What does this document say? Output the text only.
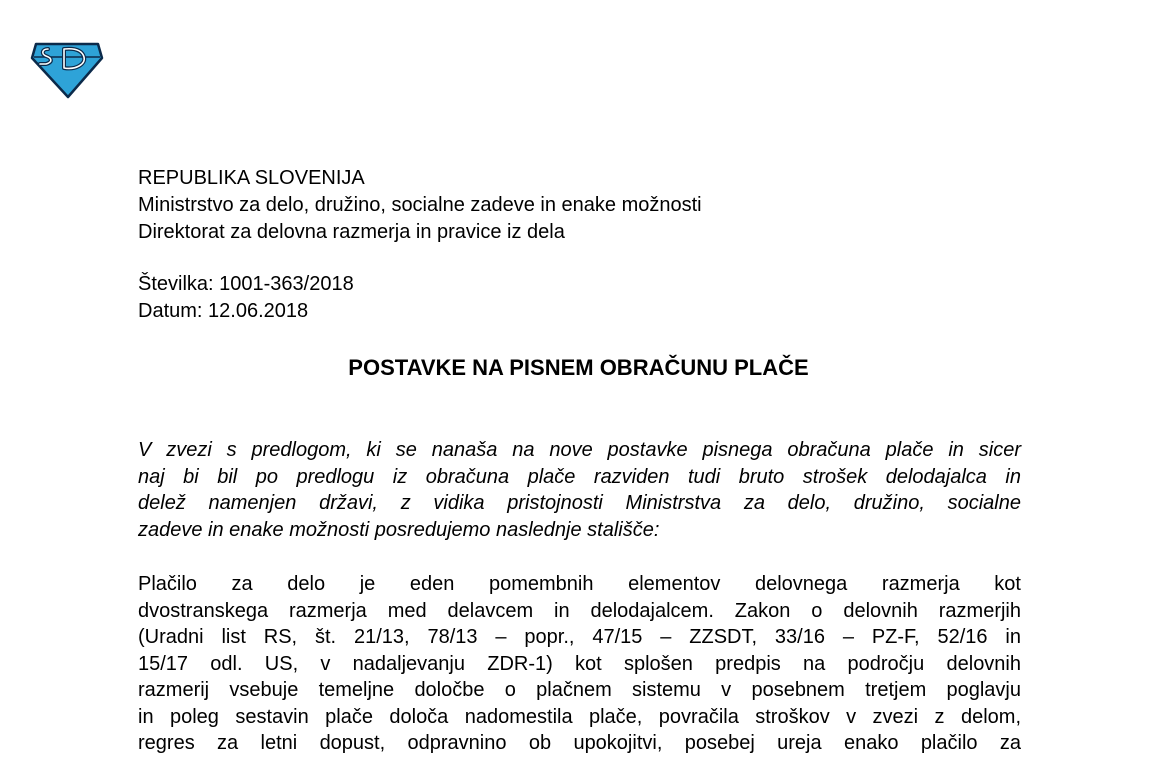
REPUBLIKA SLOVENIJA
Ministrstvo za delo, družino, socialne zadeve in enake možnosti
Direktorat za delovna razmerja in pravice iz dela
Številka: 1001-363/2018
Datum: 12.06.2018
POSTAVKE NA PISNEM OBRAČUNU PLAČE
V zvezi s predlogom, ki se nanaša na nove postavke pisnega obračuna plače in sicer
naj bi bil po predlogu iz obračuna plače razviden tudi bruto strošek delodajalca in
delež namenjen državi, z vidika pristojnosti Ministrstva za delo, družino, socialne
zadeve in enake možnosti posredujemo naslednje stališče:
Plačilo za delo je eden pomembnih elementov delovnega razmerja kot
dvostranskega razmerja med delavcem in delodajalcem. Zakon o delovnih razmerjih
(Uradni list RS, št. 21/13, 78/13 – popr., 47/15 – ZZSDT, 33/16 – PZ-F, 52/16 in
15/17 odl. US, v nadaljevanju ZDR-1) kot splošen predpis na področju delovnih
razmerij vsebuje temeljne določbe o plačnem sistemu v posebnem tretjem poglavju
in poleg sestavin plače določa nadomestila plače, povračila stroškov v zvezi z delom,
regres za letni dopust, odpravnino ob upokojitvi, posebej ureja enako plačilo za
